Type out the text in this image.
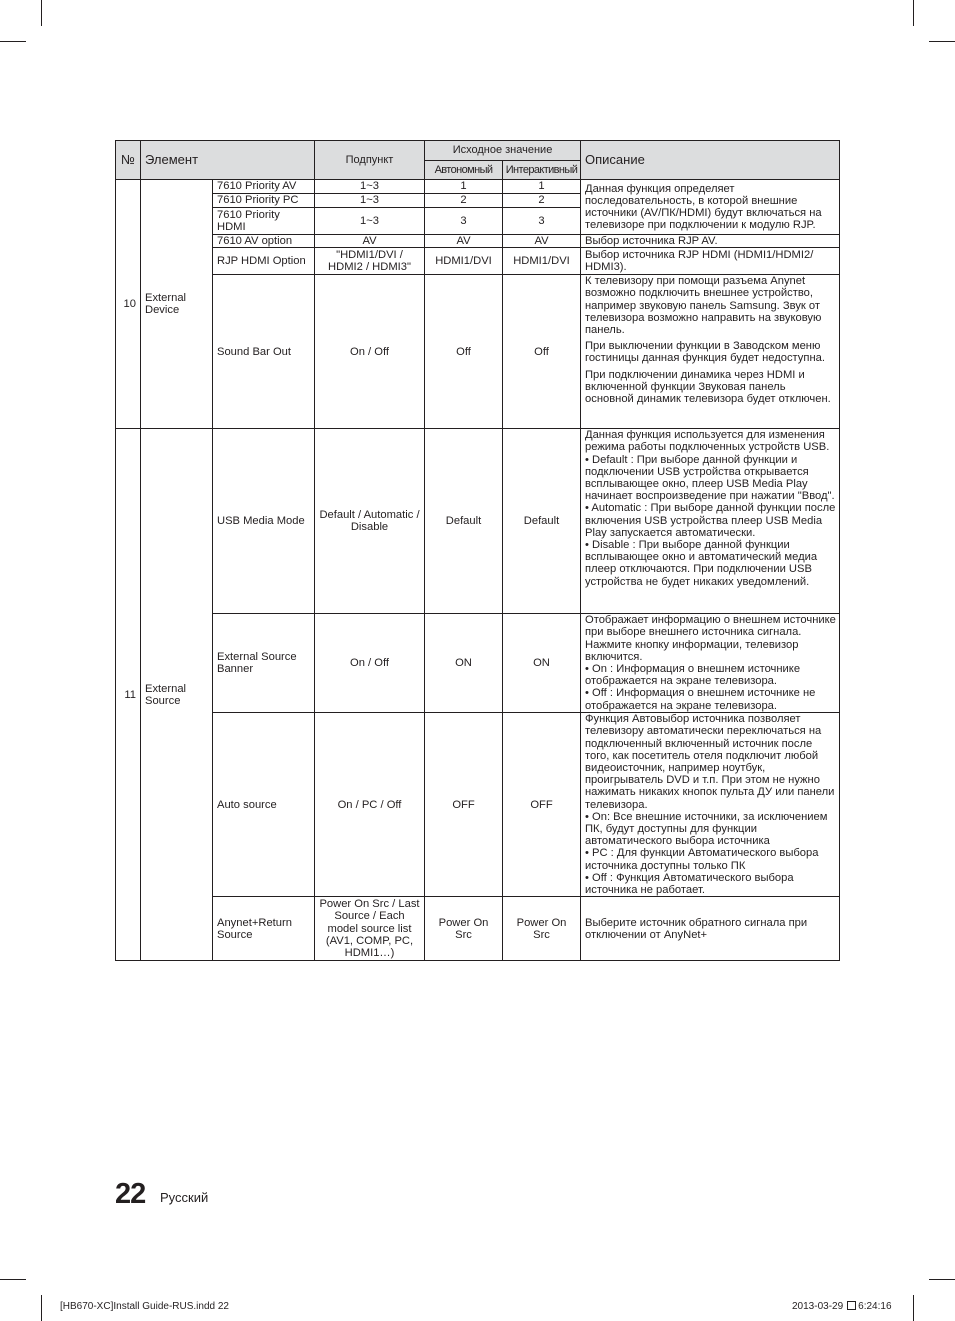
№	Элемент		Подпункт	Исходное значение		Описание
				Автономный	Интерактивный	
10	External Device	7610 Priority AV	1~3	1	1	Данная функция определяет последовательность, в которой внешние источники (AV/ПК/HDMI) будут включаться на телевизоре при подключении к модулю RJP.
		7610 Priority PC	1~3	2	2	
		7610 Priority HDMI	1~3	3	3	
		7610 AV option	AV	AV	AV	Выбор источника RJP AV.
		RJP HDMI Option	"HDMI1/DVI / HDMI2 / HDMI3"	HDMI1/DVI	HDMI1/DVI	Выбор источника RJP HDMI (HDMI1/HDMI2/ HDMI3).
		Sound Bar Out	On / Off	Off	Off	К телевизору при помощи разъема Anynet возможно подключить внешнее устройство, например звуковую панель Samsung. Звук от телевизора возможно направить на звуковую панель.
При выключении функции в Заводском меню гостиницы данная функция будет недоступна.
При подключении динамика через HDMI и включенной функции Звуковая панель основной динамик телевизора будет отключен.

11	External Source	USB Media Mode	Default / Automatic / Disable	Default	Default	Данная функция используется для изменения режима работы подключенных устройств USB.
• Default : При выборе данной функции и подключении USB устройства открывается всплывающее окно, плеер USB Media Play начинает воспроизведение при нажатии "Ввод".
• Automatic : При выборе данной функции после включения USB устройства плеер USB Media Play запускается автоматически.
• Disable : При выборе данной функции всплывающее окно и автоматический медиа плеер отключаются. При подключении USB устройства не будет никаких уведомлений.

		External Source Banner	On / Off	ON	ON	Отображает информацию о внешнем источнике при выборе внешнего источника сигнала. Нажмите кнопку информации, телевизор включится.
• On : Информация о внешнем источнике отображается на экране телевизора.
• Off : Информация о внешнем источнике не отображается на экране телевизора.

		Auto source	On / PC / Off	OFF	OFF	Функция Автовыбор источника позволяет телевизору автоматически переключаться на подключенный включенный источник после того, как посетитель отеля подключит любой видеоисточник, например ноутбук, проигрыватель DVD и т.п. При этом не нужно нажимать никаких кнопок пульта ДУ или панели телевизора.
• On: Все внешние источники, за исключением ПК, будут доступны для функции автоматического выбора источника
• PC : Для функции Автоматического выбора источника доступны только ПК
• Off : Функция Автоматического выбора источника не работает.

		Anynet+Return Source	Power On Src / Last Source / Each model source list (AV1, COMP, PC, HDMI1…)	Power On Src	Power On Src	Выберите источник обратного сигнала при отключении от AnyNet+
22 Русский
[HB670-XC]Install Guide-RUS.indd 22	2013-03-29 6:24:16
